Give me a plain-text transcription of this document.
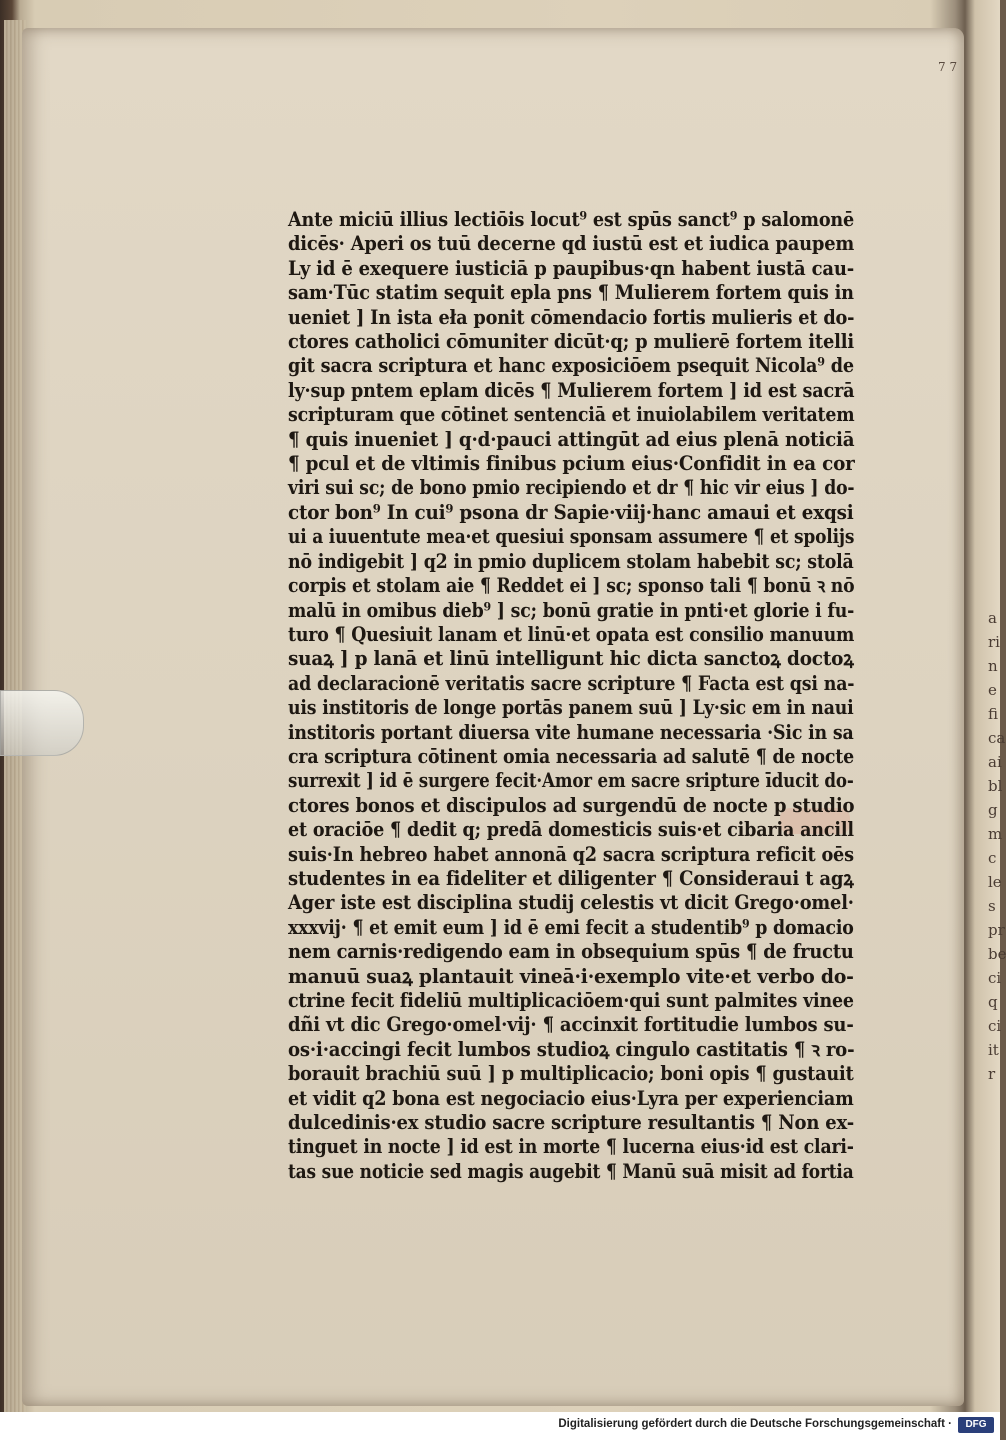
7 7
Ante miciū illius lectiōis locut⁹ est spūs sanct⁹ p salomonē
dicēs· Aperi os tuū decerne qd iustū est et iudica paupem
Ly id ē exequere iusticiā p paupibus·qn habent iustā cau-
sam·Tūc statim sequit epla pns ¶ Mulierem fortem quis in
ueniet ] In ista eła ponit cōmendacio fortis mulieris et do-
ctores catholici cōmuniter dicūt·q; p mulierē fortem itelli
git sacra scriptura et hanc exposiciōem psequit Nicola⁹ de
ly·sup pntem eplam dicēs ¶ Mulierem fortem ] id est sacrā
scripturam que cōtinet sentenciā et inuiolabilem veritatem
¶ quis inueniet ] q·d·pauci attingūt ad eius plenā noticiā
¶ pcul et de vltimis finibus pcium eius·Confidit in ea cor
viri sui sc; de bono pmio recipiendo et dr ¶ hic vir eius ] do-
ctor bon⁹ In cui⁹ psona dr Sapie·viij·hanc amaui et exqsi
ui a iuuentute mea·et quesiui sponsam assumere ¶ et spolijs
nō indigebit ] q2 in pmio duplicem stolam habebit sc; stolā
corpis et stolam aie ¶ Reddet ei ] sc; sponso tali ¶ bonū ꝛ nō
malū in omibus dieb⁹ ] sc; bonū gratie in pnti·et glorie i fu-
turo ¶ Quesiuit lanam et linū·et opata est consilio manuum
suaꝝ ] p lanā et linū intelligunt hic dicta sanctoꝝ doctoꝝ
ad declaracionē veritatis sacre scripture ¶ Facta est qsi na-
uis institoris de longe portās panem suū ] Ly·sic em in naui
institoris portant diuersa vite humane necessaria ·Sic in sa
cra scriptura cōtinent omia necessaria ad salutē ¶ de nocte
surrexit ] id ē surgere fecit·Amor em sacre sripture īducit do-
ctores bonos et discipulos ad surgendū de nocte p studio
et oraciōe ¶ dedit q; predā domesticis suis·et cibaria ancill
suis·In hebreo habet annonā q2 sacra scriptura reficit oēs
studentes in ea fideliter et diligenter ¶ Consideraui t agꝝ
Ager iste est disciplina studij celestis vt dicit Grego·omel·
xxxvij· ¶ et emit eum ] id ē emi fecit a studentib⁹ p domacio
nem carnis·redigendo eam in obsequium spūs ¶ de fructu
manuū suaꝝ plantauit vineā·i·exemplo vite·et verbo do-
ctrine fecit fideliū multiplicaciōem·qui sunt palmites vinee
dñi vt dic Grego·omel·vij· ¶ accinxit fortitudie lumbos su-
os·i·accingi fecit lumbos studioꝝ cingulo castitatis ¶ ꝛ ro-
borauit brachiū suū ] p multiplicacio; boni opis ¶ gustauit
et vidit q2 bona est negociacio eius·Lyra per experienciam
dulcedinis·ex studio sacre scripture resultantis ¶ Non ex-
tinguet in nocte ] id est in morte ¶ lucerna eius·id est clari-
tas sue noticie sed magis augebit ¶ Manū suā misit ad fortia

a
ri
n
e
fi
ca
ai
bl
g
m
c
le
s
pr
be
ci
q
ci
it
r
Digitalisierung gefördert durch die Deutsche Forschungsgemeinschaft ·	DFG
